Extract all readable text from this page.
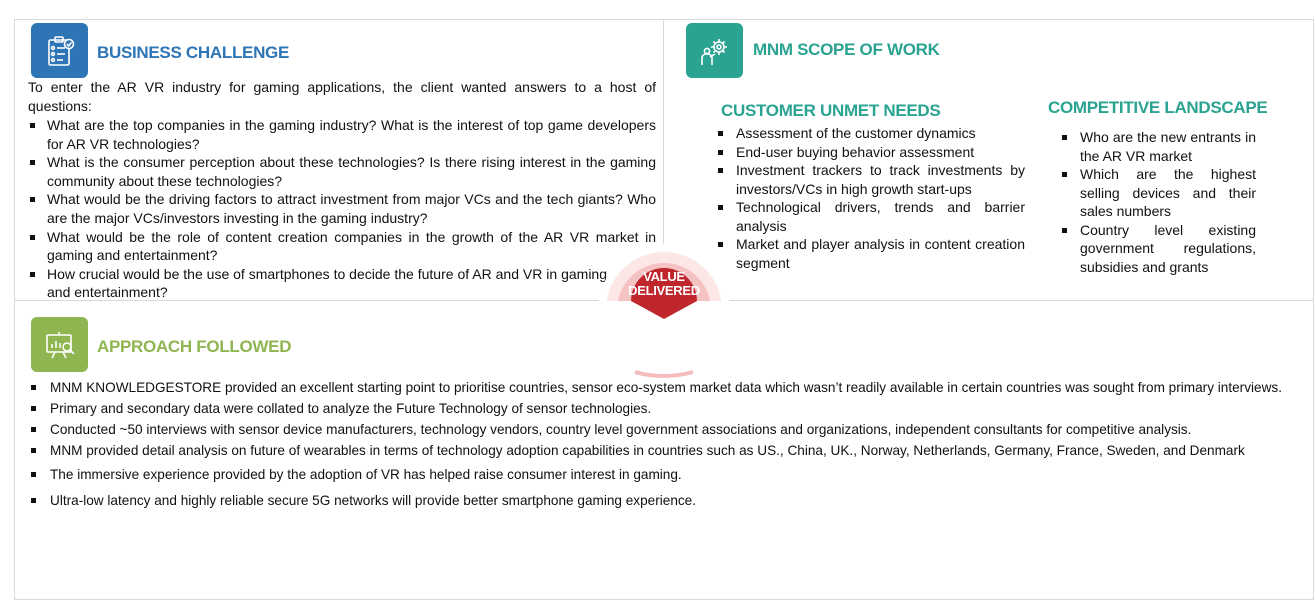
BUSINESS CHALLENGE

To enter the AR VR industry for gaming applications, the client wanted answers to a host of questions:

What are the top companies in the gaming industry? What is the interest of top game developers for AR VR technologies?
What is the consumer perception about these technologies? Is there rising interest in the gaming community about these technologies?
What would be the driving factors to attract investment from major VCs and the tech giants? Who are the major VCs/investors investing in the gaming industry?
What would be the role of content creation companies in the growth of the AR VR market in gaming and entertainment?
How crucial would be the use of smartphones to decide the future of AR and VR in gaming and entertainment?
MNM SCOPE OF WORK
CUSTOMER UNMET NEEDS
Assessment of the customer dynamics
End-user buying behavior assessment
Investment trackers to track investments by investors/VCs in high growth start-ups
Technological drivers, trends and barrier analysis
Market and player analysis in content creation segment
COMPETITIVE LANDSCAPE
Who are the new entrants in the AR VR market
Which are the highest selling devices and their sales numbers
Country level existing government regulations, subsidies and grants
VALUE
DELIVERED
APPROACH FOLLOWED
MNM KNOWLEDGESTORE provided an excellent starting point to prioritise countries, sensor eco-system market data which wasn’t readily available in certain countries was sought from primary interviews.
Primary and secondary data were collated to analyze the Future Technology of sensor technologies.
Conducted ~50 interviews with sensor device manufacturers, technology vendors, country level government associations and organizations, independent consultants for competitive analysis.
MNM provided detail analysis on future of wearables in terms of technology adoption capabilities in countries such as US., China, UK., Norway, Netherlands, Germany, France, Sweden, and Denmark
The immersive experience provided by the adoption of VR has helped raise consumer interest in gaming.
Ultra-low latency and highly reliable secure 5G networks will provide better smartphone gaming experience.
